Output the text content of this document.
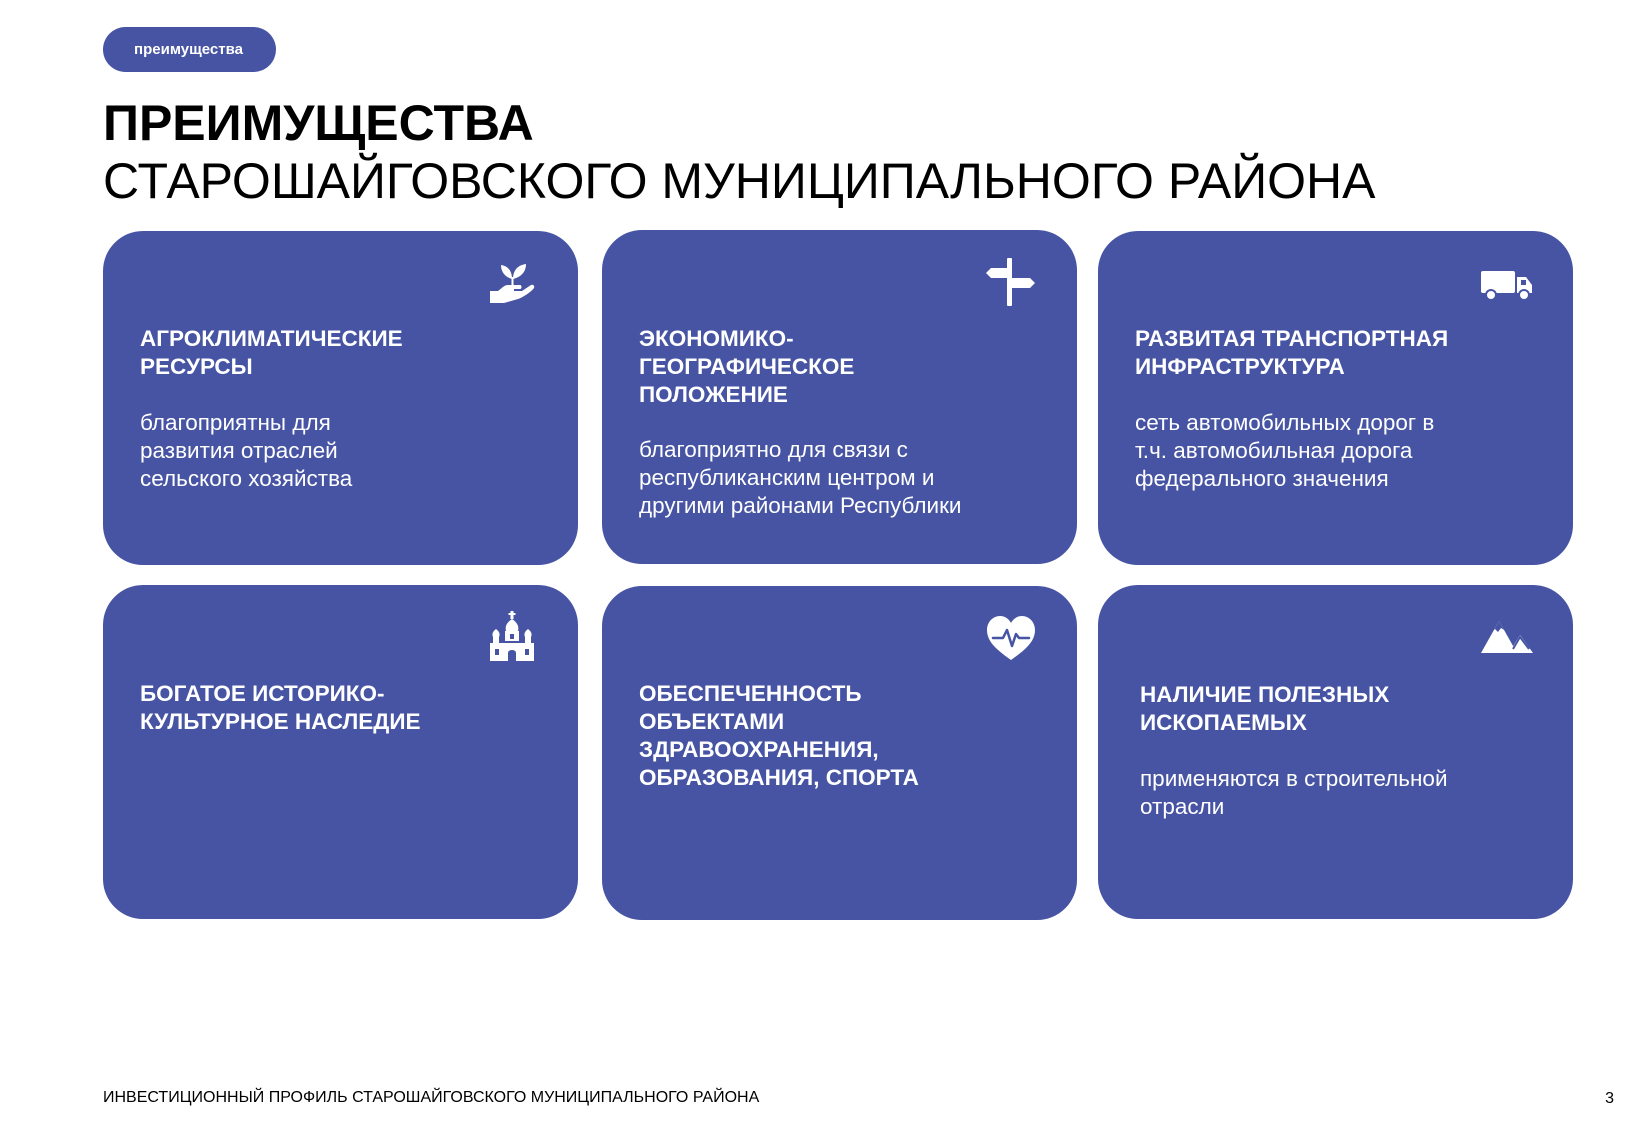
преимущества
ПРЕИМУЩЕСТВА
СТАРОШАЙГОВСКОГО МУНИЦИПАЛЬНОГО РАЙОНА
АГРОКЛИМАТИЧЕСКИЕ РЕСУРСЫ
благоприятны для развития отраслей сельского хозяйства
ЭКОНОМИКО-ГЕОГРАФИЧЕСКОЕ ПОЛОЖЕНИЕ
благоприятно для связи с республиканским центром и другими районами Республики
РАЗВИТАЯ ТРАНСПОРТНАЯ ИНФРАСТРУКТУРА
сеть автомобильных дорог в т.ч. автомобильная дорога федерального значения
БОГАТОЕ ИСТОРИКО-КУЛЬТУРНОЕ НАСЛЕДИЕ
ОБЕСПЕЧЕННОСТЬ ОБЪЕКТАМИ ЗДРАВООХРАНЕНИЯ, ОБРАЗОВАНИЯ, СПОРТА
НАЛИЧИЕ ПОЛЕЗНЫХ ИСКОПАЕМЫХ
применяются в строительной отрасли
ИНВЕСТИЦИОННЫЙ ПРОФИЛЬ СТАРОШАЙГОВСКОГО МУНИЦИПАЛЬНОГО РАЙОНА	3
